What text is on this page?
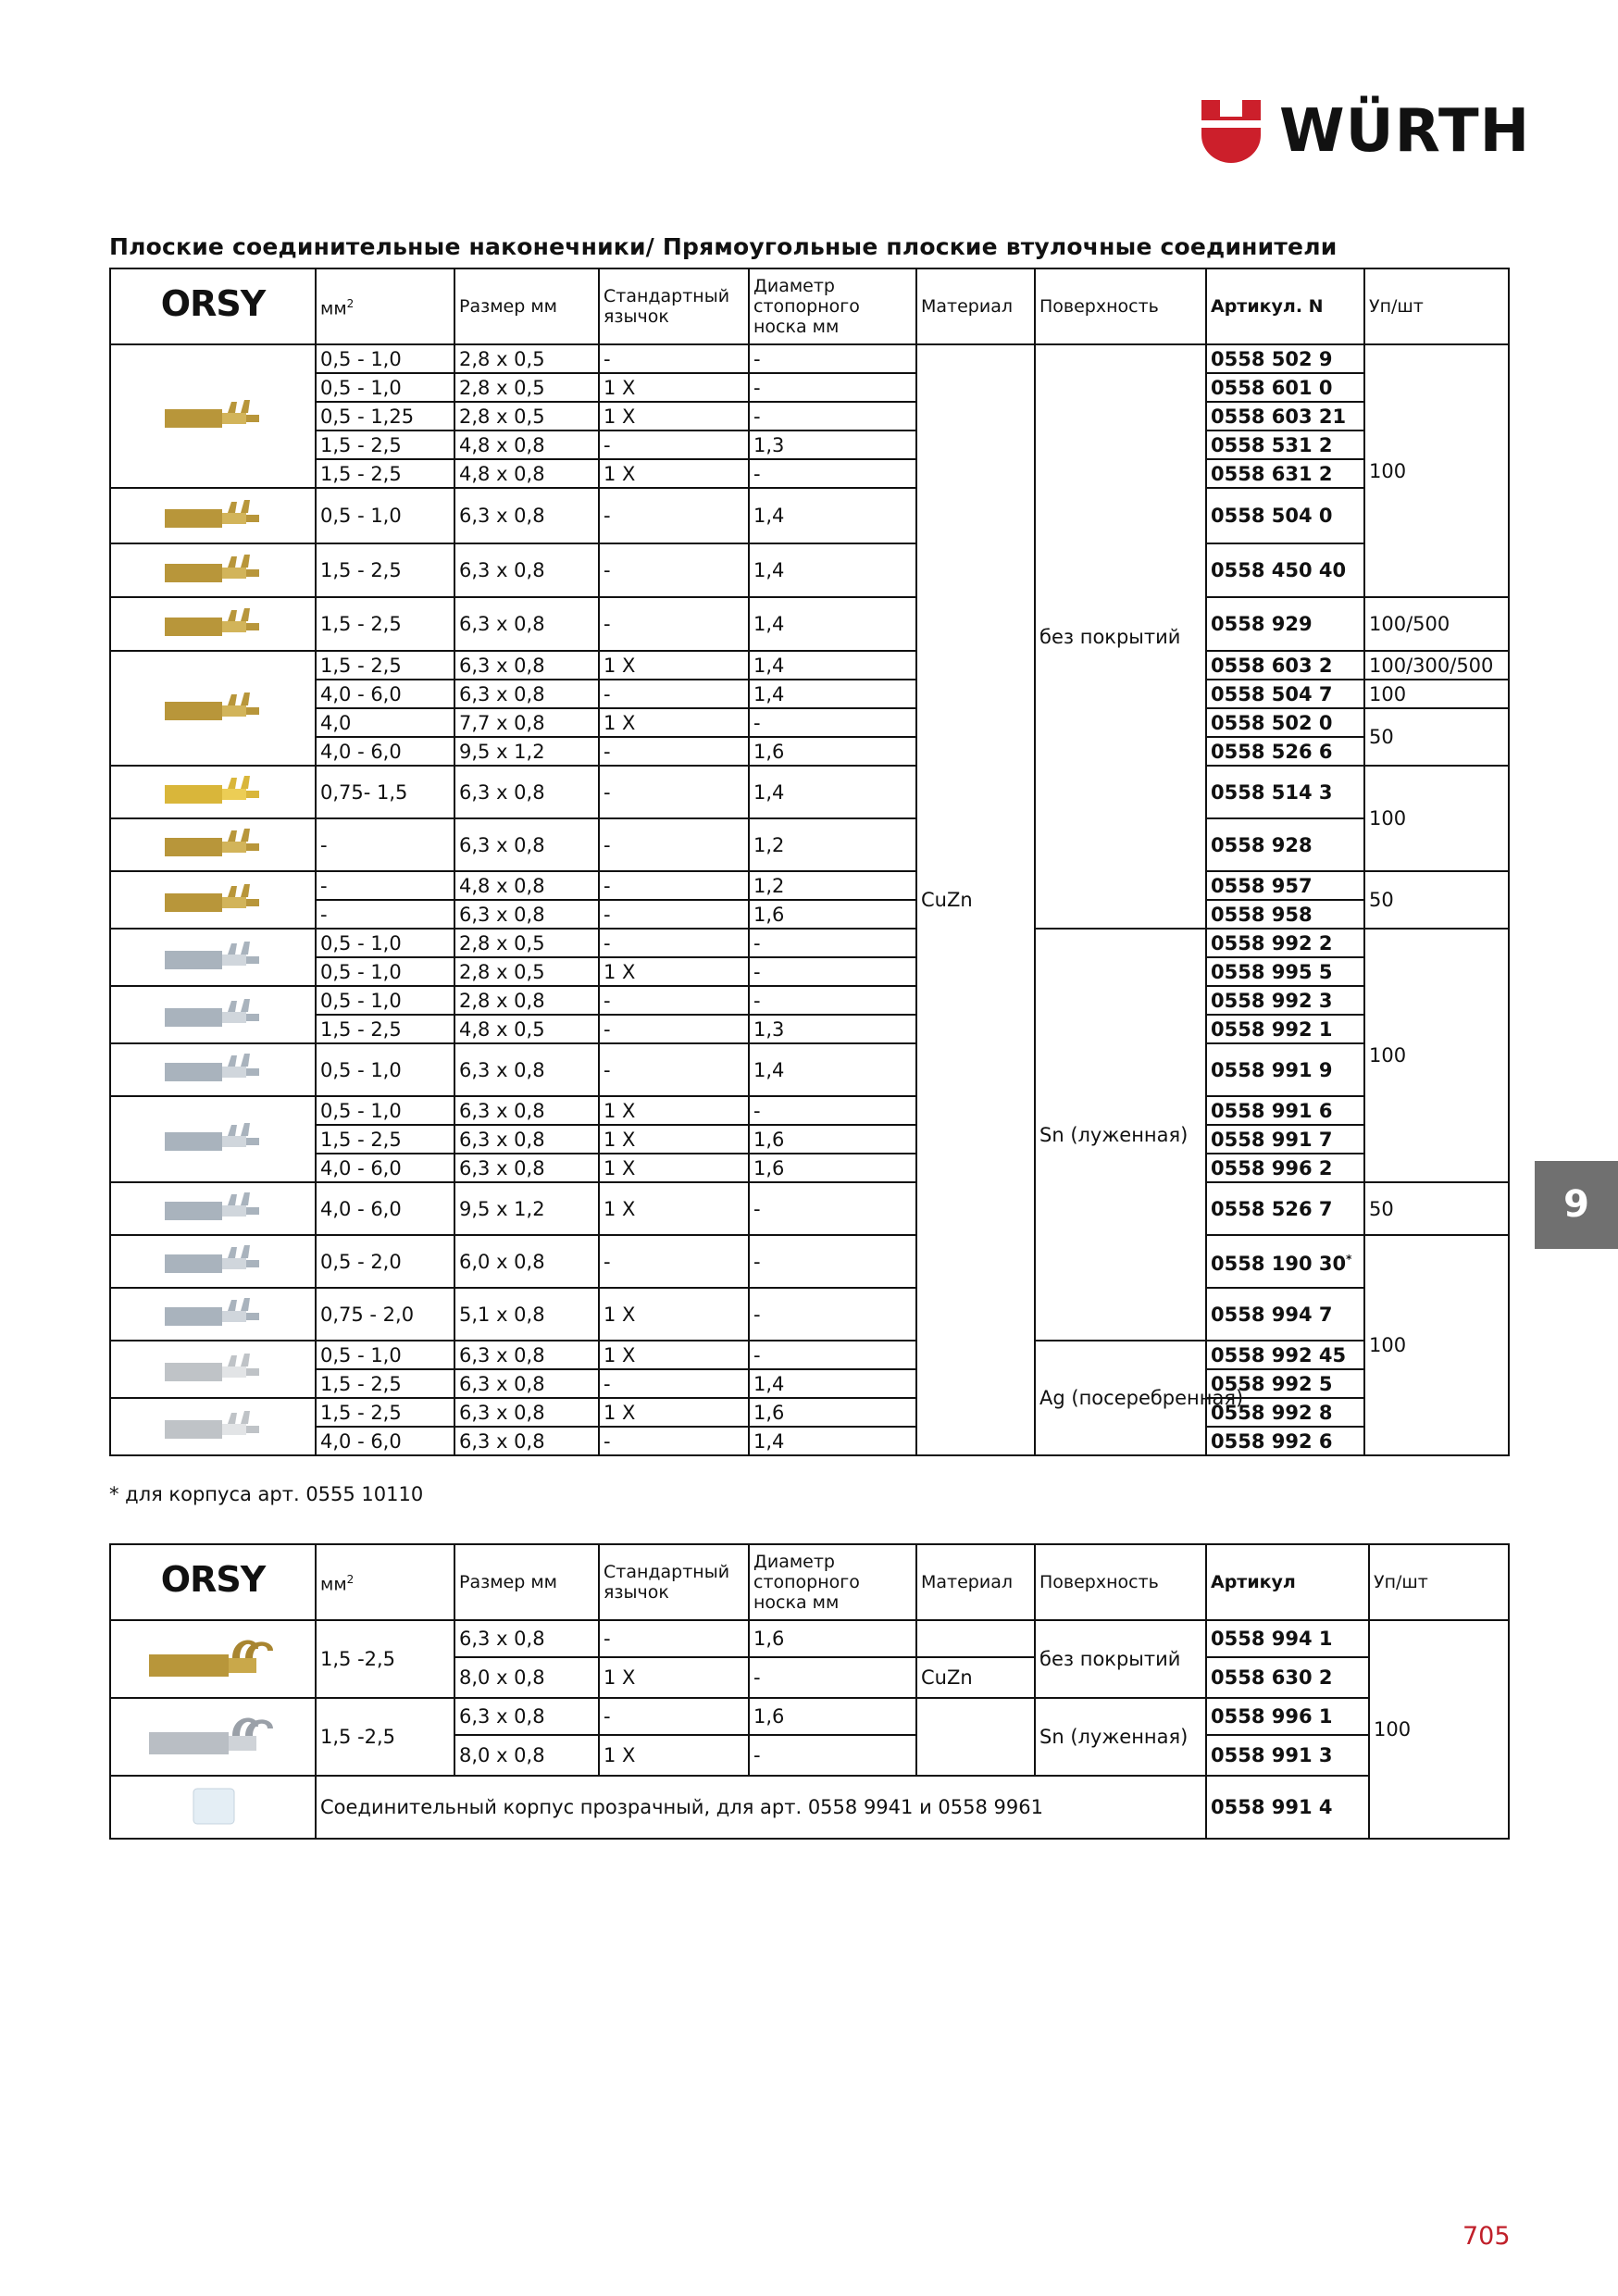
WÜRTH
Плоские соединительные наконечники/ Прямоугольные плоские втулочные соединители
ORSY	$мм^2$	Размер мм	Стандартный язычок	Диаметр стопорного носка мм	Материал	Поверхность	Артикул. N	Уп/шт
	0,5 - 1,0	2,8 x 0,5	-	-	CuZn	без покрытий	0558 502 9	100
	0,5 - 1,0	2,8 x 0,5	1 X	-			0558 601 0	
	0,5 - 1,25	2,8 x 0,5	1 X	-			0558 603 21	
	1,5 - 2,5	4,8 x 0,8	-	1,3			0558 531 2	
	1,5 - 2,5	4,8 x 0,8	1 X	-			0558 631 2	
	0,5 - 1,0	6,3 x 0,8	-	1,4			0558 504 0	
	1,5 - 2,5	6,3 x 0,8	-	1,4			0558 450 40	
	1,5 - 2,5	6,3 x 0,8	-	1,4			0558 929	100/500
	1,5 - 2,5	6,3 x 0,8	1 X	1,4			0558 603 2	100/300/500
	4,0 - 6,0	6,3 x 0,8	-	1,4			0558 504 7	100
	4,0	7,7 x 0,8	1 X	-			0558 502 0	50
	4,0 - 6,0	9,5 x 1,2	-	1,6			0558 526 6	
	0,75- 1,5	6,3 x 0,8	-	1,4			0558 514 3	100
	-	6,3 x 0,8	-	1,2			0558 928	
	-	4,8 x 0,8	-	1,2			0558 957	50
	-	6,3 x 0,8	-	1,6			0558 958	
	0,5 - 1,0	2,8 x 0,5	-	-		Sn (луженная)	0558 992 2	100
	0,5 - 1,0	2,8 x 0,5	1 X	-			0558 995 5	
	0,5 - 1,0	2,8 x 0,8	-	-			0558 992 3	
	1,5 - 2,5	4,8 x 0,5	-	1,3			0558 992 1	
	0,5 - 1,0	6,3 x 0,8	-	1,4			0558 991 9	
	0,5 - 1,0	6,3 x 0,8	1 X	-			0558 991 6	
	1,5 - 2,5	6,3 x 0,8	1 X	1,6			0558 991 7	
	4,0 - 6,0	6,3 x 0,8	1 X	1,6			0558 996 2	
	4,0 - 6,0	9,5 x 1,2	1 X	-			0558 526 7	50
	0,5 - 2,0	6,0 x 0,8	-	-			0558 190 30*	100
	0,75 - 2,0	5,1 x 0,8	1 X	-			0558 994 7	
	0,5 - 1,0	6,3 x 0,8	1 X	-		Ag (посеребренная)	0558 992 45	
	1,5 - 2,5	6,3 x 0,8	-	1,4			0558 992 5	
	1,5 - 2,5	6,3 x 0,8	1 X	1,6			0558 992 8	
	4,0 - 6,0	6,3 x 0,8	-	1,4			0558 992 6	
* для корпуса арт. 0555 10110
ORSY	$мм^2$	Размер мм	Стандартный язычок	Диаметр стопорного носка мм	Материал	Поверхность	Артикул	Уп/шт
	1,5 -2,5	6,3 x 0,8	-	1,6		без покрытий	0558 994 1	100
		8,0 x 0,8	1 X	-	CuZn		0558 630 2	
	1,5 -2,5	6,3 x 0,8	-	1,6		Sn (луженная)	0558 996 1	
		8,0 x 0,8	1 X	-			0558 991 3	
	Соединительный корпус прозрачный, для арт. 0558 9941 и 0558 9961						0558 991 4	
9
705
